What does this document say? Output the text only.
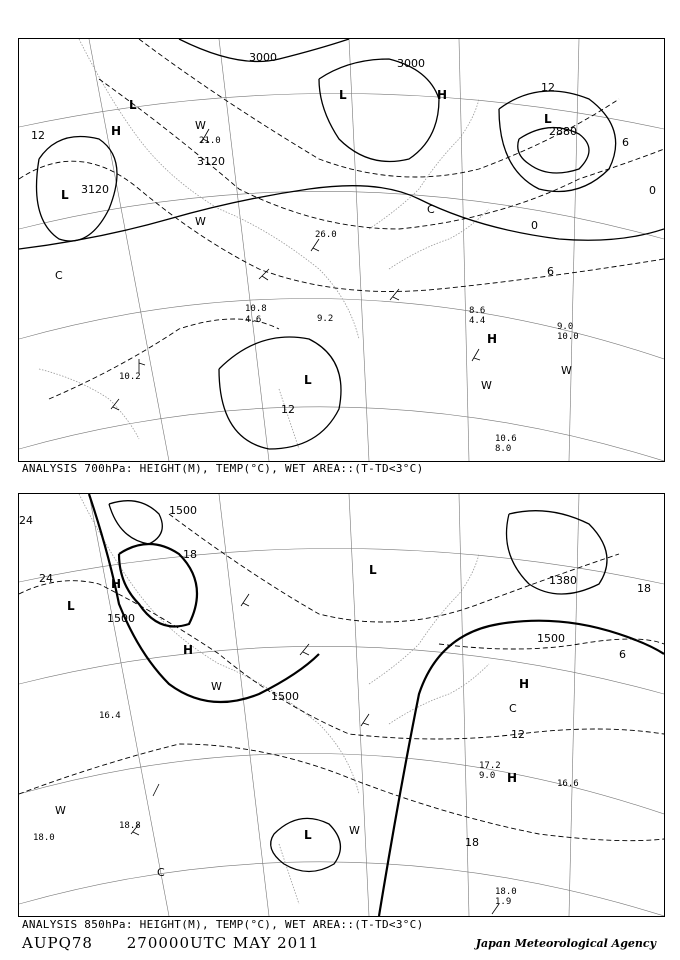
3000	3000
3120
3120
2880
12
12
12
6
6
0
0
L
L
L
L
L
H
H
H
C
C
W
W
W
W
21.0
26.0
10.8
4.6	9.2
10.2
10.6
8.0
9.0
10.0
8.6
4.4
ANALYSIS 700hPa: HEIGHT(M), TEMP(°C), WET AREA::(T-TD<3°C)
1500
1500
1500
1380
1500
24
24
18
18
12
6
18
L
L
L
H
H
H
H
C
C
W
W
W
16.4
18.0
18.8
17.2
9.0
16.6
18.0
1.9
ANALYSIS 850hPa: HEIGHT(M), TEMP(°C), WET AREA::(T-TD<3°C)
AUPQ78 270000UTC MAY 2011	Japan Meteorological Agency
